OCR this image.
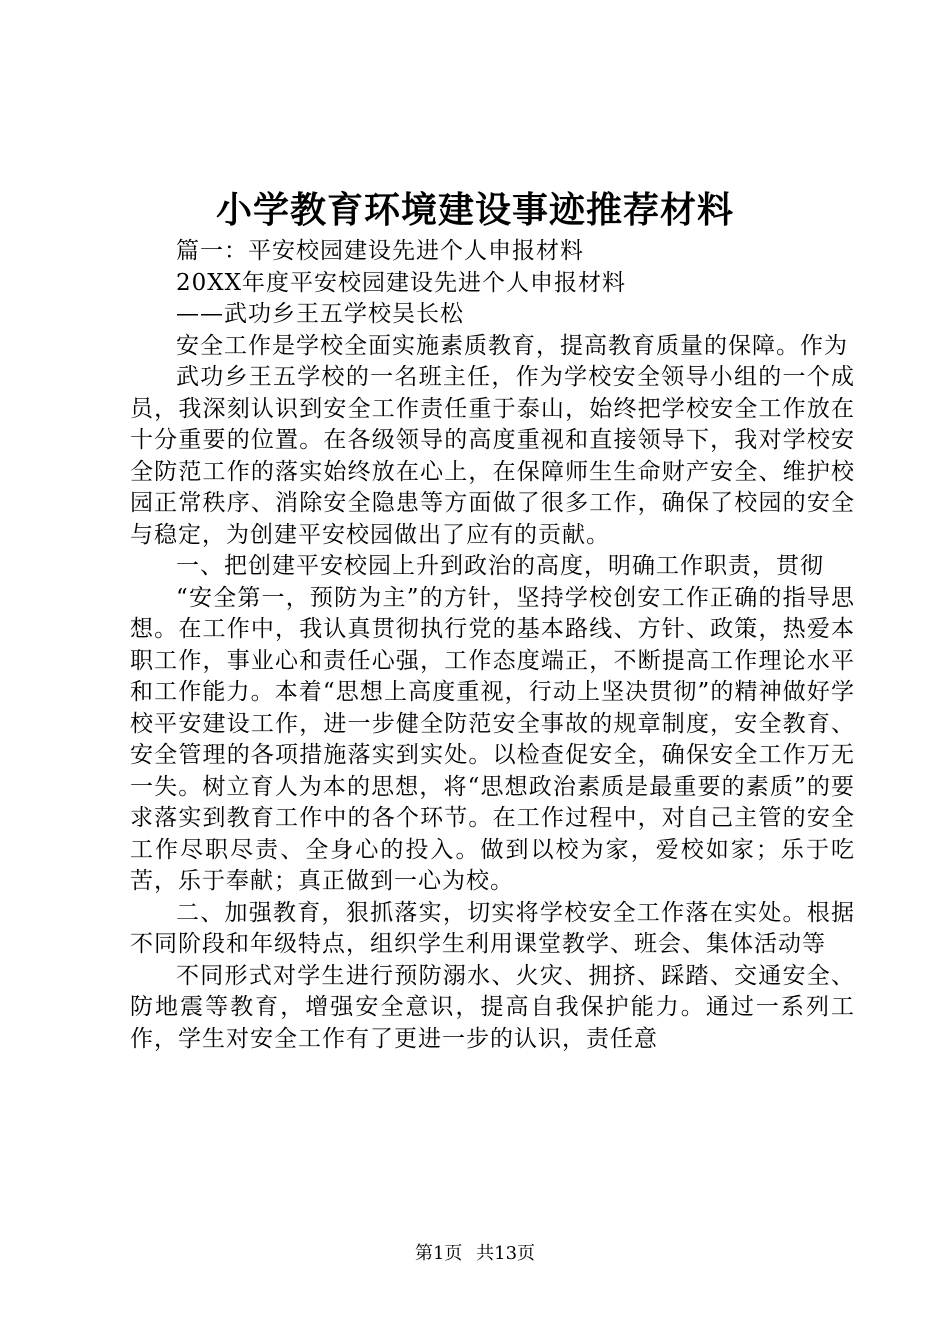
小学教育环境建设事迹推荐材料

篇一：平安校园建设先进个人申报材料

20XX年度平安校园建设先进个人申报材料

——武功乡王五学校吴长松

安全工作是学校全面实施素质教育，提高教育质量的保障。作为

武功乡王五学校的一名班主任，作为学校安全领导小组的一个成员，我深刻认识到安全工作责任重于泰山，始终把学校安全工作放在十分重要的位置。在各级领导的高度重视和直接领导下，我对学校安全防范工作的落实始终放在心上，在保障师生生命财产安全、维护校园正常秩序、消除安全隐患等方面做了很多工作，确保了校园的安全与稳定，为创建平安校园做出了应有的贡献。

一、把创建平安校园上升到政治的高度，明确工作职责，贯彻

“安全第一，预防为主”的方针，坚持学校创安工作正确的指导思想。在工作中，我认真贯彻执行党的基本路线、方针、政策，热爱本职工作，事业心和责任心强，工作态度端正，不断提高工作理论水平和工作能力。本着“思想上高度重视，行动上坚决贯彻”的精神做好学校平安建设工作，进一步健全防范安全事故的规章制度，安全教育、安全管理的各项措施落实到实处。以检查促安全，确保安全工作万无一失。树立育人为本的思想，将“思想政治素质是最重要的素质”的要求落实到教育工作中的各个环节。在工作过程中，对自己主管的安全工作尽职尽责、全身心的投入。做到以校为家，爱校如家；乐于吃苦，乐于奉献；真正做到一心为校。

二、加强教育，狠抓落实，切实将学校安全工作落在实处。根据不同阶段和年级特点，组织学生利用课堂教学、班会、集体活动等

不同形式对学生进行预防溺水、火灾、拥挤、踩踏、交通安全、防地震等教育，增强安全意识，提高自我保护能力。通过一系列工作，学生对安全工作有了更进一步的认识，责任意

第1页 共13页
